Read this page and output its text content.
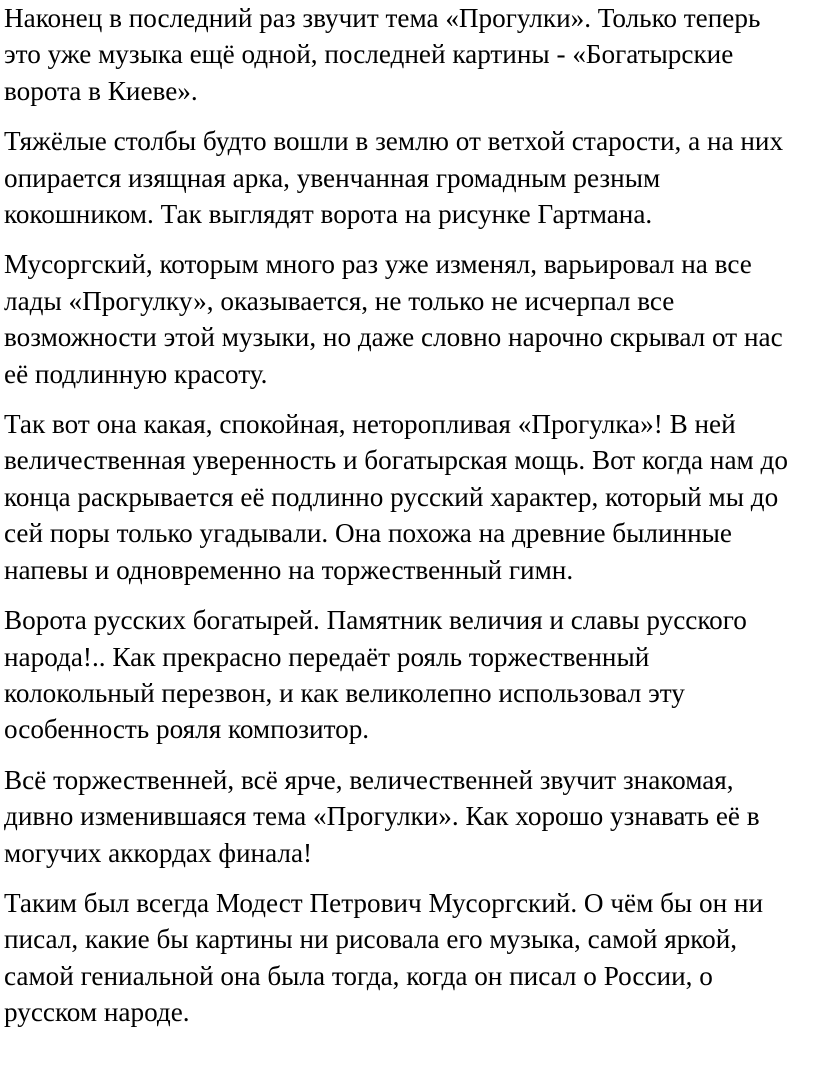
Наконец в последний раз звучит тема «Прогулки». Только теперь
это уже музыка ещё одной, последней картины - «Богатырские
ворота в Киеве».

Тяжёлые столбы будто вошли в землю от ветхой старости, а на них
опирается изящная арка, увенчанная громадным резным
кокошником. Так выглядят ворота на рисунке Гартмана.

Мусоргский, которым много раз уже изменял, варьировал на все
лады «Прогулку», оказывается, не только не исчерпал все
возможности этой музыки, но даже словно нарочно скрывал от нас
её подлинную красоту.

Так вот она какая, спокойная, неторопливая «Прогулка»! В ней
величественная уверенность и богатырская мощь. Вот когда нам до
конца раскрывается её подлинно русский характер, который мы до
сей поры только угадывали. Она похожа на древние былинные
напевы и одновременно на торжественный гимн.

Ворота русских богатырей. Памятник величия и славы русского
народа!.. Как прекрасно передаёт рояль торжественный
колокольный перезвон, и как великолепно использовал эту
особенность рояля композитор.

Всё торжественней, всё ярче, величественней звучит знакомая,
дивно изменившаяся тема «Прогулки». Как хорошо узнавать её в
могучих аккордах финала!

Таким был всегда Модест Петрович Мусоргский. О чём бы он ни
писал, какие бы картины ни рисовала его музыка, самой яркой,
самой гениальной она была тогда, когда он писал о России, о
русском народе.
